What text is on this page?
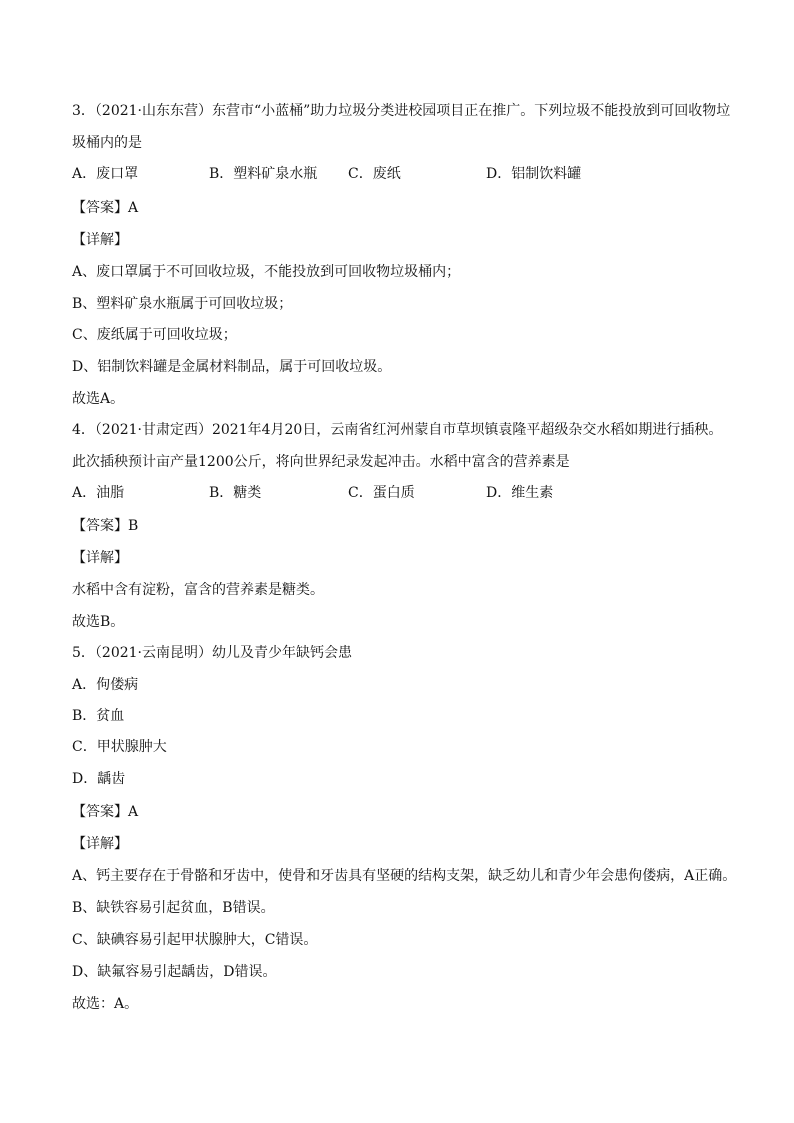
3．（2021·山东东营）东营市“小蓝桶”助力垃圾分类进校园项目正在推广。下列垃圾不能投放到可回收物垃
圾桶内的是
A．废口罩	B．塑料矿泉水瓶 C．废纸	D．铝制饮料罐
【答案】A
【详解】
A、废口罩属于不可回收垃圾，不能投放到可回收物垃圾桶内；
B、塑料矿泉水瓶属于可回收垃圾；
C、废纸属于可回收垃圾；
D、铝制饮料罐是金属材料制品，属于可回收垃圾。
故选A。
4．（2021·甘肃定西）2021年4月20日，云南省红河州蒙自市草坝镇袁隆平超级杂交水稻如期进行插秧。
此次插秧预计亩产量1200公斤，将向世界纪录发起冲击。水稻中富含的营养素是
A．油脂	B．糖类	C．蛋白质	D．维生素
【答案】B
【详解】
水稻中含有淀粉，富含的营养素是糖类。
故选B。
5．（2021·云南昆明）幼儿及青少年缺钙会患
A．佝偻病
B．贫血
C．甲状腺肿大
D．龋齿
【答案】A
【详解】
A、钙主要存在于骨骼和牙齿中，使骨和牙齿具有坚硬的结构支架，缺乏幼儿和青少年会患佝偻病，A正确。
B、缺铁容易引起贫血，B错误。
C、缺碘容易引起甲状腺肿大，C错误。
D、缺氟容易引起龋齿，D错误。
故选：A。
